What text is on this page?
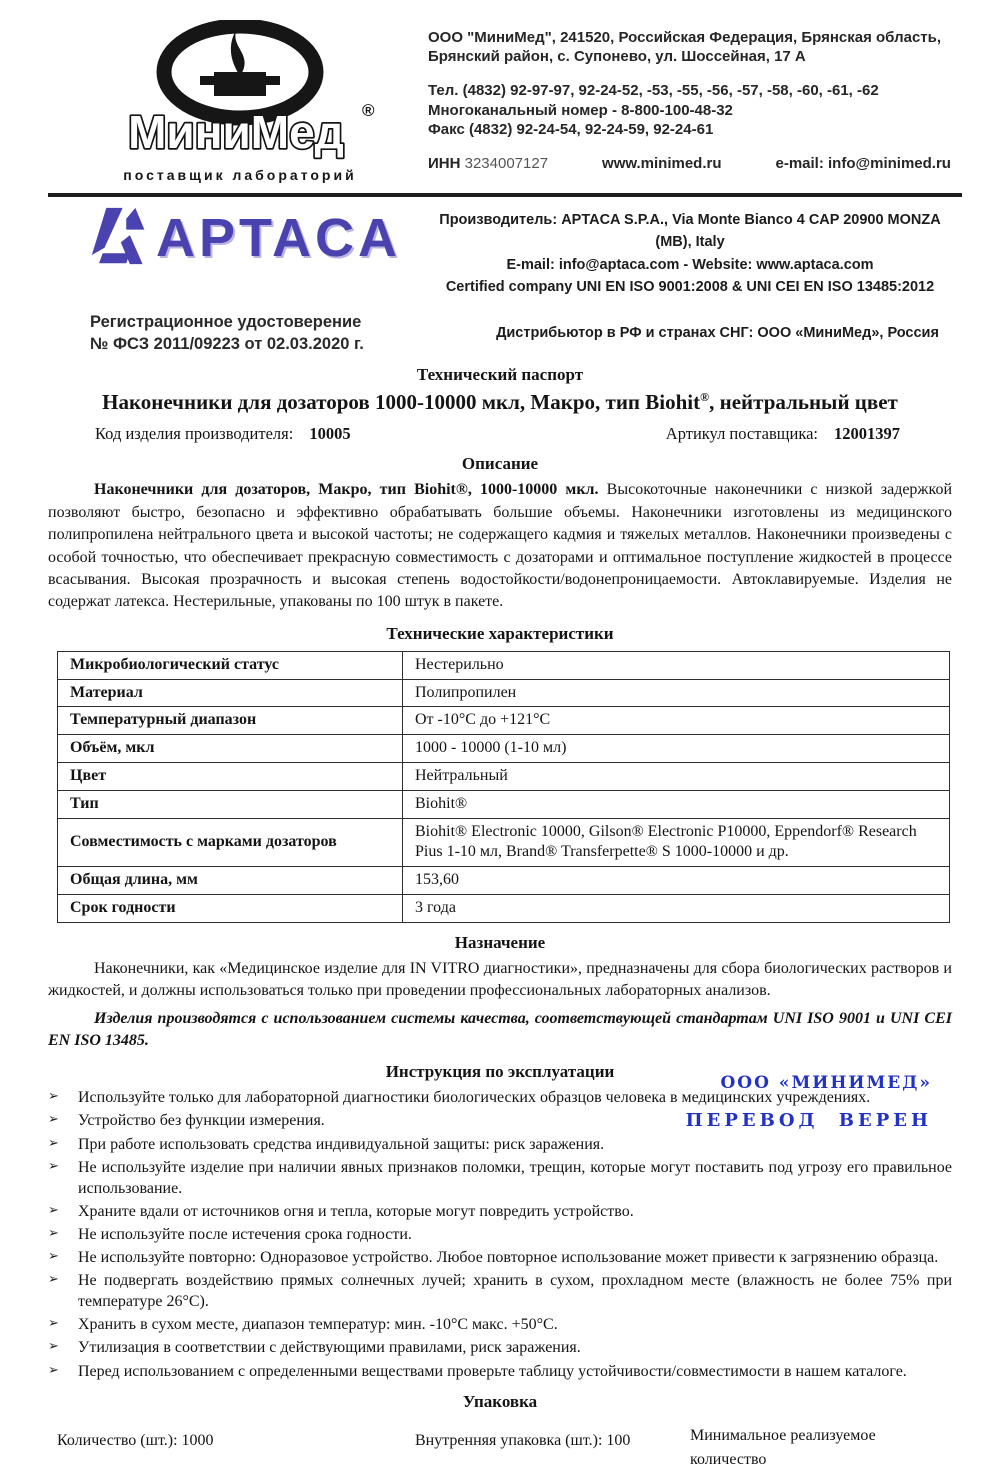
МиниМед ®
поставщик лабораторий
ООО "МиниМед", 241520, Российская Федерация, Брянская область,
Брянский район, с. Супонево, ул. Шоссейная, 17 А
Тел. (4832) 92-97-97, 92-24-52, -53, -55, -56, -57, -58, -60, -61, -62
Многоканальный номер - 8-800-100-48-32
Факс (4832) 92-24-54, 92-24-59, 92-24-61
ИНН 3234007127	www.minimed.ru	e-mail: info@minimed.ru
APTACA	Производитель: APTACA S.P.A., Via Monte Bianco 4 CAP 20900 MONZA (MB), Italy
E-mail: info@aptaca.com - Website: www.aptaca.com
Certified company UNI EN ISO 9001:2008 & UNI CEI EN ISO 13485:2012
Регистрационное удостоверение
№ ФСЗ 2011/09223 от 02.03.2020 г.
Дистрибьютор в РФ и странах СНГ: ООО «МиниМед», Россия
Технический паспорт
Наконечники для дозаторов 1000-10000 мкл, Макро, тип Biohit®, нейтральный цвет
Код изделия производителя: 10005	Артикул поставщика: 12001397
Описание

Наконечники для дозаторов, Макро, тип Biohit®, 1000-10000 мкл. Высокоточные наконечники с низкой задержкой позволяют быстро, безопасно и эффективно обрабатывать большие объемы. Наконечники изготовлены из медицинского полипропилена нейтрального цвета и высокой частоты; не содержащего кадмия и тяжелых металлов. Наконечники произведены с особой точностью, что обеспечивает прекрасную совместимость с дозаторами и оптимальное поступление жидкостей в процессе всасывания. Высокая прозрачность и высокая степень водостойкости/водонепроницаемости. Автоклавируемые. Изделия не содержат латекса. Нестерильные, упакованы по 100 штук в пакете.

Технические характеристики
Микробиологический статус	Нестерильно
Материал	Полипропилен
Температурный диапазон	От -10°С до +121°С
Объём, мкл	1000 - 10000 (1-10 мл)
Цвет	Нейтральный
Тип	Biohit®
Совместимость с марками дозаторов	Biohit® Electronic 10000, Gilson® Electronic P10000, Eppendorf® Research Pius 1-10 мл, Brand® Transferpette® S 1000-10000 и др.
Общая длина, мм	153,60
Срок годности	3 года
Назначение

Наконечники, как «Медицинское изделие для IN VITRO диагностики», предназначены для сбора биологических растворов и жидкостей, и должны использоваться только при проведении профессиональных лабораторных анализов.

Изделия производятся с использованием системы качества, соответствующей стандартам UNI ISO 9001 и UNI CEI EN ISO 13485.

Инструкция по эксплуатации
➢ Используйте только для лабораторной диагностики биологических образцов человека в медицинских учреждениях.
➢ Устройство без функции измерения.
➢ При работе использовать средства индивидуальной защиты: риск заражения.
➢ Не используйте изделие при наличии явных признаков поломки, трещин, которые могут поставить под угрозу его правильное использование.
➢ Храните вдали от источников огня и тепла, которые могут повредить устройство.
➢ Не используйте после истечения срока годности.
➢ Не используйте повторно: Одноразовое устройство. Любое повторное использование может привести к загрязнению образца.
➢ Не подвергать воздействию прямых солнечных лучей; хранить в сухом, прохладном месте (влажность не более 75% при температуре 26°С).
➢ Хранить в сухом месте, диапазон температур: мин. -10°С макс. +50°С.
➢ Утилизация в соответствии с действующими правилами, риск заражения.
➢ Перед использованием с определенными веществами проверьте таблицу устойчивости/совместимости в нашем каталоге.
ООО «МИНИМЕД»
ПЕРЕВОД ВЕРЕН
Упаковка
Количество (шт.): 1000	Внутренняя упаковка (шт.): 100	Минимальное реализуемое
количество
